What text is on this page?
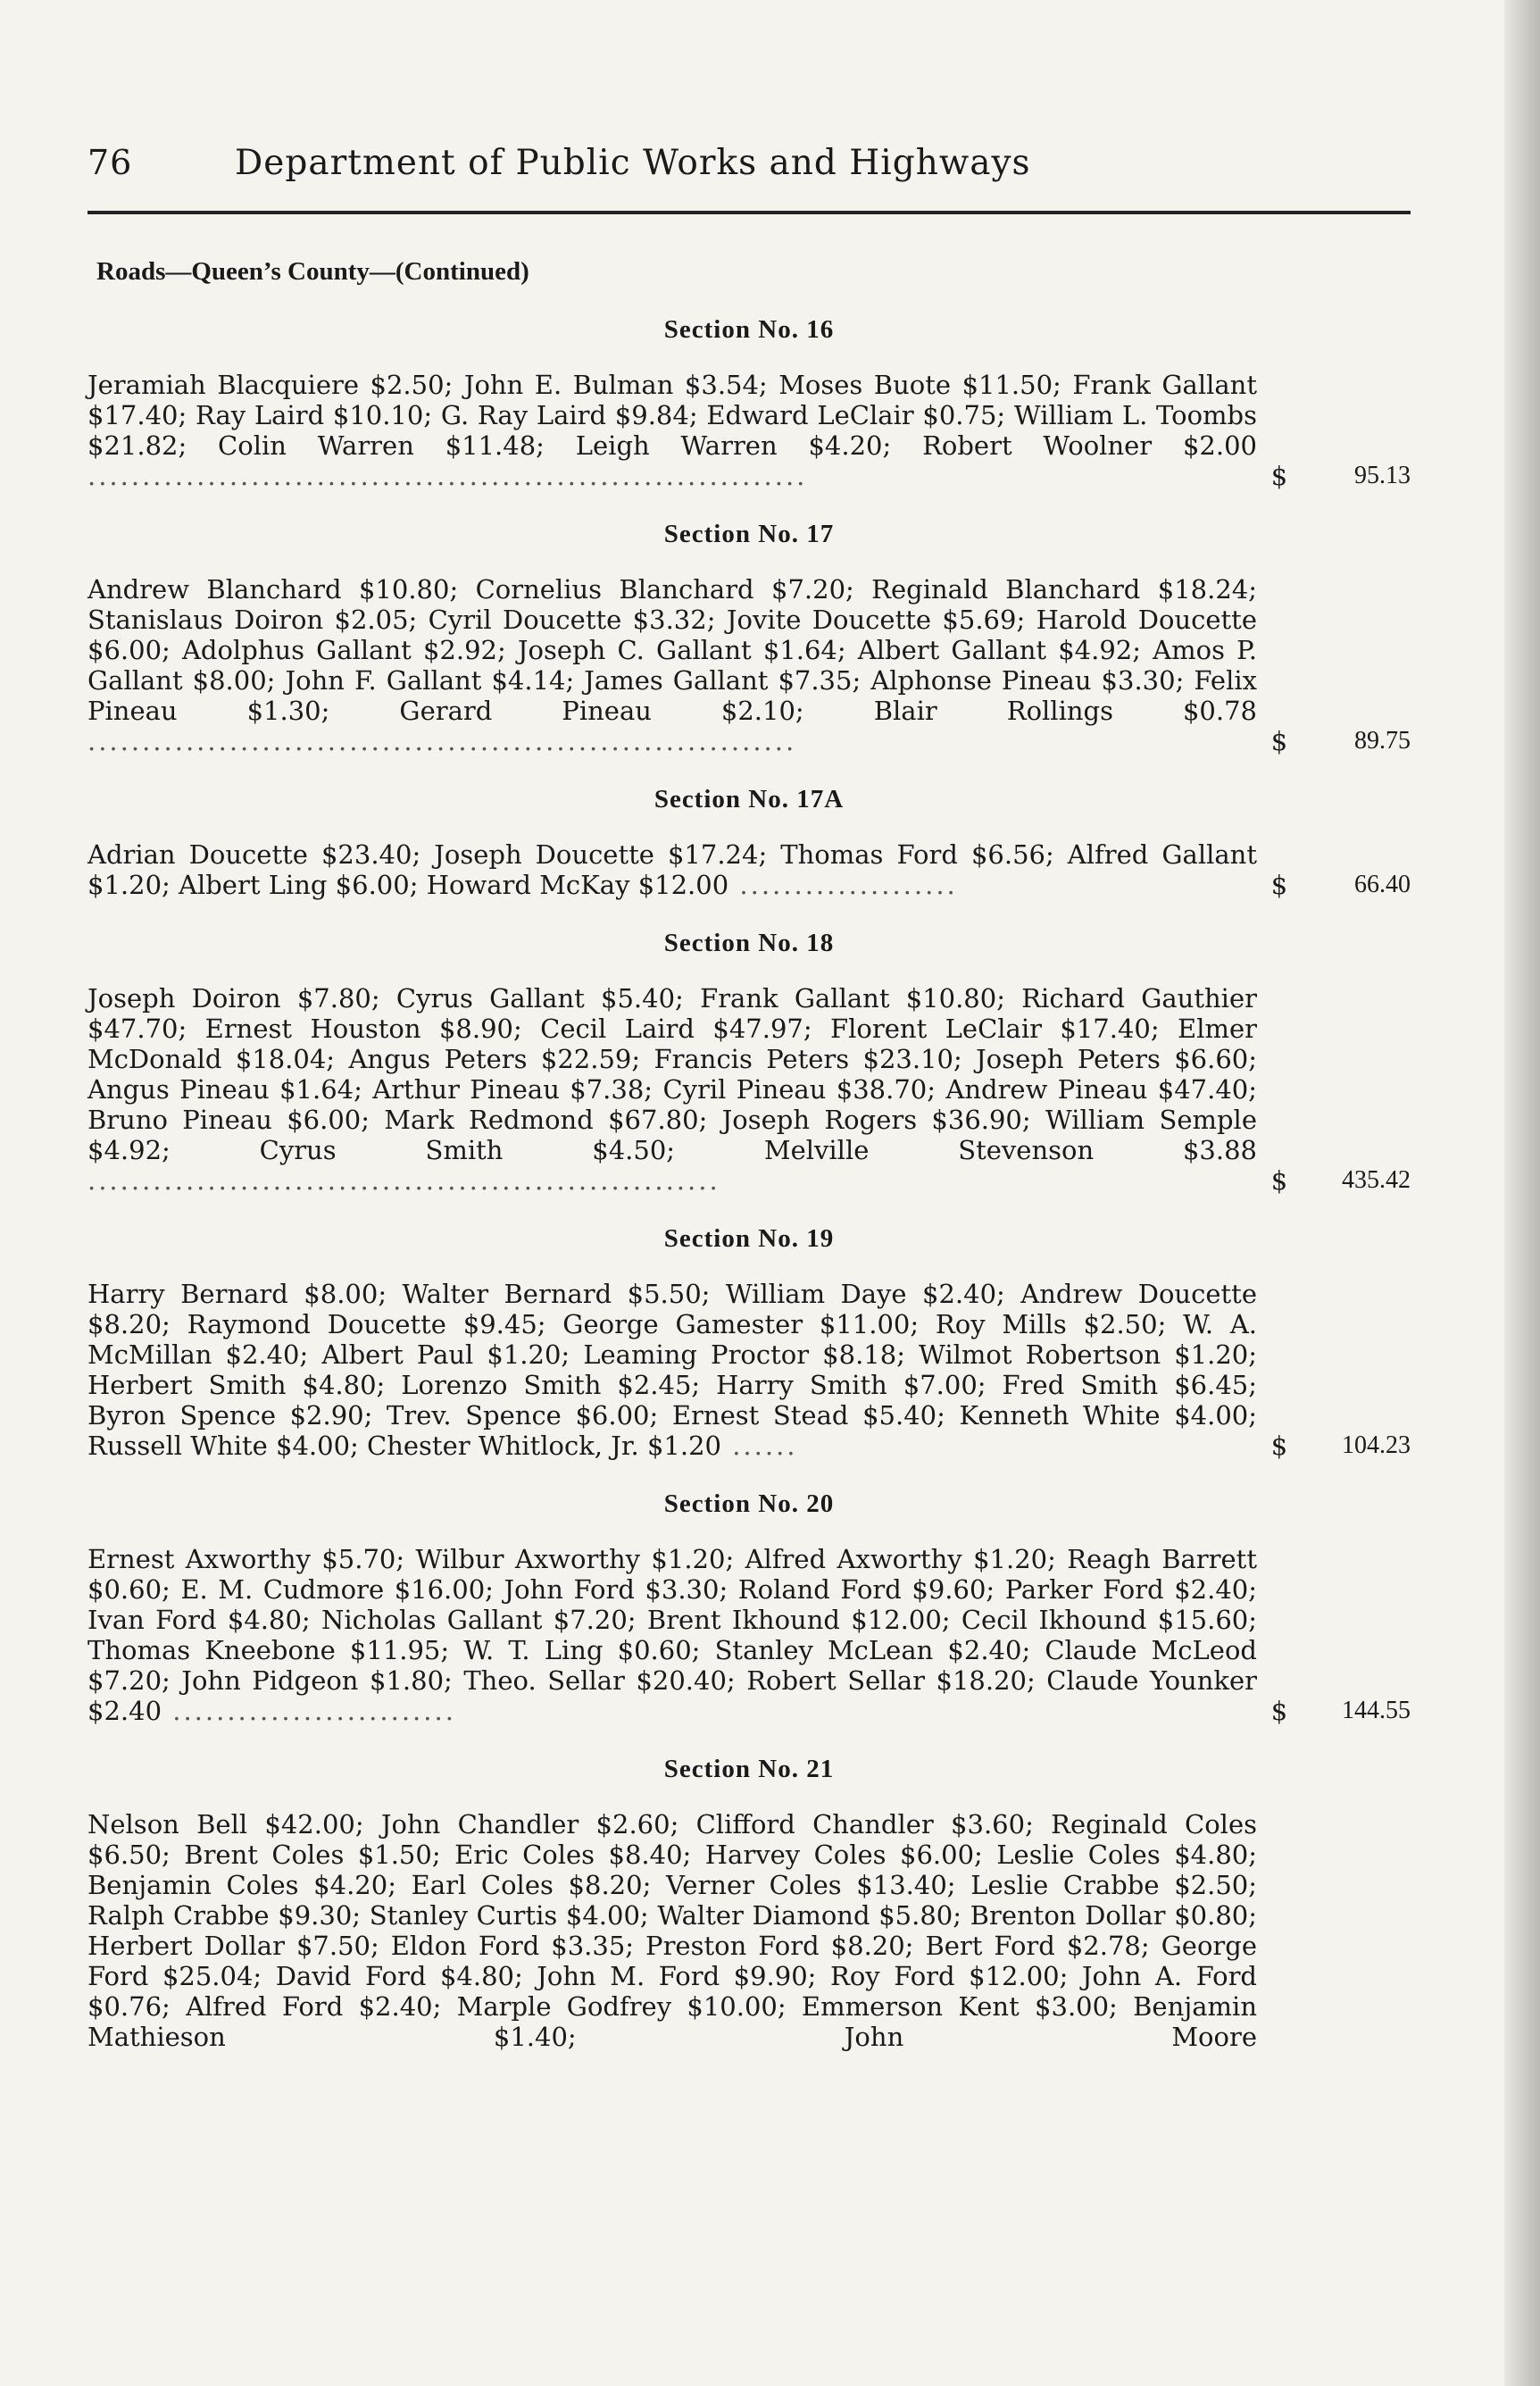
76	Department of Public Works and Highways
Roads—Queen’s County—(Continued)
Section No. 16
Jeramiah Blacquiere $2.50; John E. Bulman $3.54; Moses Buote $11.50; Frank Gallant $17.40; Ray Laird $10.10; G. Ray Laird $9.84; Edward LeClair $0.75; William L. Toombs $21.82; Colin Warren $11.48; Leigh Warren $4.20; Robert Woolner $2.00 ..................................................................	$	95.13
Section No. 17
Andrew Blanchard $10.80; Cornelius Blanchard $7.20; Reginald Blanchard $18.24; Stanislaus Doiron $2.05; Cyril Doucette $3.32; Jovite Doucette $5.69; Harold Doucette $6.00; Adolphus Gallant $2.92; Joseph C. Gallant $1.64; Albert Gallant $4.92; Amos P. Gallant $8.00; John F. Gallant $4.14; James Gallant $7.35; Alphonse Pineau $3.30; Felix Pineau $1.30; Gerard Pineau $2.10; Blair Rollings $0.78 .................................................................	$	89.75
Section No. 17A
Adrian Doucette $23.40; Joseph Doucette $17.24; Thomas Ford $6.56; Alfred Gallant $1.20; Albert Ling $6.00; Howard McKay $12.00 ....................	$	66.40
Section No. 18
Joseph Doiron $7.80; Cyrus Gallant $5.40; Frank Gallant $10.80; Richard Gauthier $47.70; Ernest Houston $8.90; Cecil Laird $47.97; Florent LeClair $17.40; Elmer McDonald $18.04; Angus Peters $22.59; Francis Peters $23.10; Joseph Peters $6.60; Angus Pineau $1.64; Arthur Pineau $7.38; Cyril Pineau $38.70; Andrew Pineau $47.40; Bruno Pineau $6.00; Mark Redmond $67.80; Joseph Rogers $36.90; William Semple $4.92; Cyrus Smith $4.50; Melville Stevenson $3.88 ..........................................................	$	435.42
Section No. 19
Harry Bernard $8.00; Walter Bernard $5.50; William Daye $2.40; Andrew Doucette $8.20; Raymond Doucette $9.45; George Gamester $11.00; Roy Mills $2.50; W. A. McMillan $2.40; Albert Paul $1.20; Leaming Proctor $8.18; Wilmot Robertson $1.20; Herbert Smith $4.80; Lorenzo Smith $2.45; Harry Smith $7.00; Fred Smith $6.45; Byron Spence $2.90; Trev. Spence $6.00; Ernest Stead $5.40; Kenneth White $4.00; Russell White $4.00; Chester Whitlock, Jr. $1.20 ......	$	104.23
Section No. 20
Ernest Axworthy $5.70; Wilbur Axworthy $1.20; Alfred Axworthy $1.20; Reagh Barrett $0.60; E. M. Cudmore $16.00; John Ford $3.30; Roland Ford $9.60; Parker Ford $2.40; Ivan Ford $4.80; Nicholas Gallant $7.20; Brent Ikhound $12.00; Cecil Ikhound $15.60; Thomas Kneebone $11.95; W. T. Ling $0.60; Stanley McLean $2.40; Claude McLeod $7.20; John Pidgeon $1.80; Theo. Sellar $20.40; Robert Sellar $18.20; Claude Younker $2.40 ..........................	$	144.55
Section No. 21
Nelson Bell $42.00; John Chandler $2.60; Clifford Chandler $3.60; Reginald Coles $6.50; Brent Coles $1.50; Eric Coles $8.40; Harvey Coles $6.00; Leslie Coles $4.80; Benjamin Coles $4.20; Earl Coles $8.20; Verner Coles $13.40; Leslie Crabbe $2.50; Ralph Crabbe $9.30; Stanley Curtis $4.00; Walter Diamond $5.80; Brenton Dollar $0.80; Herbert Dollar $7.50; Eldon Ford $3.35; Preston Ford $8.20; Bert Ford $2.78; George Ford $25.04; David Ford $4.80; John M. Ford $9.90; Roy Ford $12.00; John A. Ford $0.76; Alfred Ford $2.40; Marple Godfrey $10.00; Emmerson Kent $3.00; Benjamin Mathieson $1.40; John Moore
